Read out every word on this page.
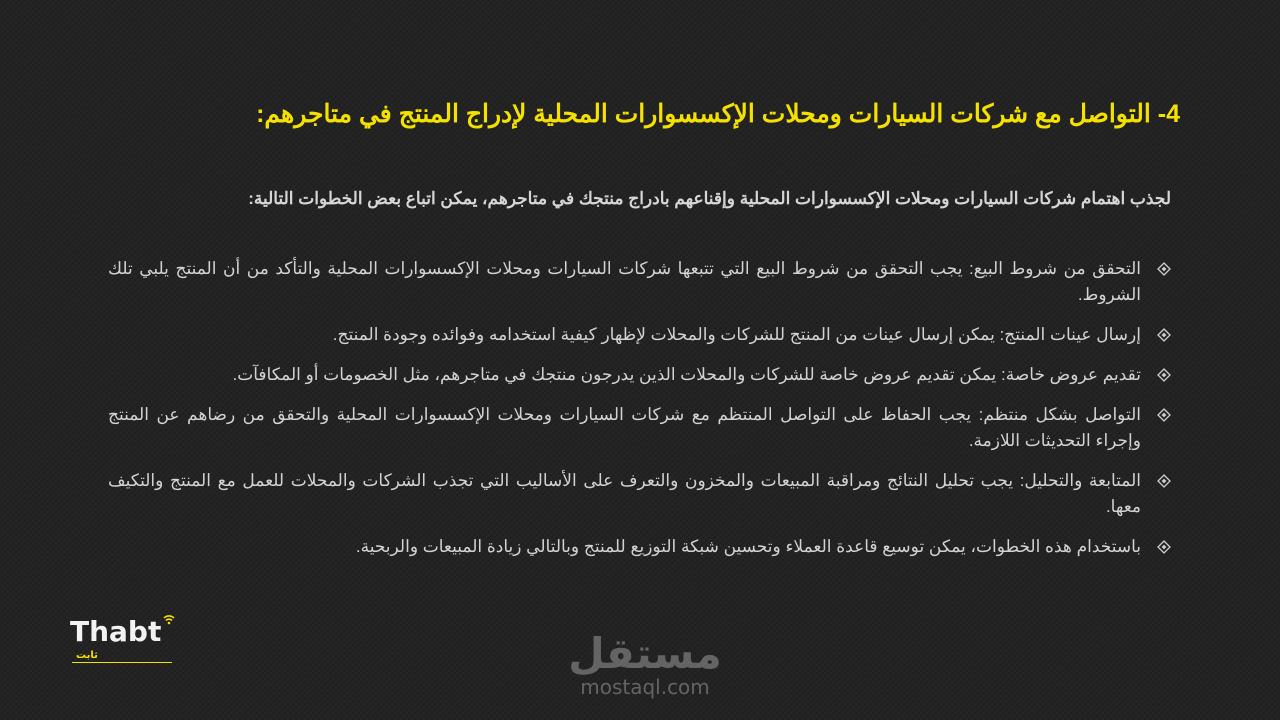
4- التواصل مع شركات السيارات ومحلات الإكسسوارات المحلية لإدراج المنتج في متاجرهم:

لجذب اهتمام شركات السيارات ومحلات الإكسسوارات المحلية وإقناعهم بادراج منتجك في متاجرهم، يمكن اتباع بعض الخطوات التالية:

التحقق من شروط البيع: يجب التحقق من شروط البيع التي تتبعها شركات السيارات ومحلات الإكسسوارات المحلية والتأكد من أن المنتج يلبي تلك الشروط.
إرسال عينات المنتج: يمكن إرسال عينات من المنتج للشركات والمحلات لإظهار كيفية استخدامه وفوائده وجودة المنتج.
تقديم عروض خاصة: يمكن تقديم عروض خاصة للشركات والمحلات الذين يدرجون منتجك في متاجرهم، مثل الخصومات أو المكافآت.
التواصل بشكل منتظم: يجب الحفاظ على التواصل المنتظم مع شركات السيارات ومحلات الإكسسوارات المحلية والتحقق من رضاهم عن المنتج وإجراء التحديثات اللازمة.
المتابعة والتحليل: يجب تحليل النتائج ومراقبة المبيعات والمخزون والتعرف على الأساليب التي تجذب الشركات والمحلات للعمل مع المنتج والتكيف معها.
باستخدام هذه الخطوات، يمكن توسيع قاعدة العملاء وتحسين شبكة التوزيع للمنتج وبالتالي زيادة المبيعات والربحية.

Thabt

ثابت	مستقل

mostaql.com
